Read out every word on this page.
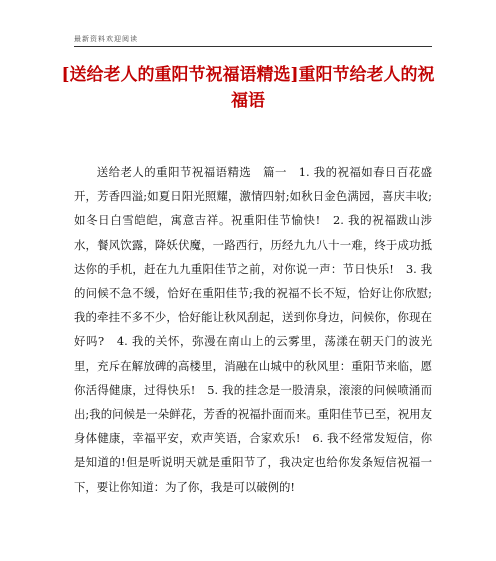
最新资料欢迎阅读
[送给老人的重阳节祝福语精选]重阳节给老人的祝福语
送给老人的重阳节祝福语精选　篇一　1. 我的祝福如春日百花盛开，芳香四溢;如夏日阳光照耀，激情四射;如秋日金色满园，喜庆丰收;如冬日白雪皑皑，寓意吉祥。祝重阳佳节愉快!　2. 我的祝福跋山涉水，餐风饮露，降妖伏魔，一路西行，历经九九八十一难，终于成功抵达你的手机，赶在九九重阳佳节之前，对你说一声：节日快乐!　3. 我的问候不急不缓，恰好在重阳佳节;我的祝福不长不短，恰好让你欣慰;我的牵挂不多不少，恰好能让秋风刮起，送到你身边，问候你，你现在好吗?　4. 我的关怀，弥漫在南山上的云雾里，荡漾在朝天门的波光里，充斥在解放碑的高楼里，消融在山城中的秋风里：重阳节来临，愿你活得健康，过得快乐!　5. 我的挂念是一股清泉，滚滚的问候喷涌而出;我的问候是一朵鲜花，芳香的祝福扑面而来。重阳佳节已至，祝用友身体健康，幸福平安，欢声笑语，合家欢乐!　6. 我不经常发短信，你是知道的!但是听说明天就是重阳节了，我决定也给你发条短信祝福一下，要让你知道：为了你，我是可以破例的!
